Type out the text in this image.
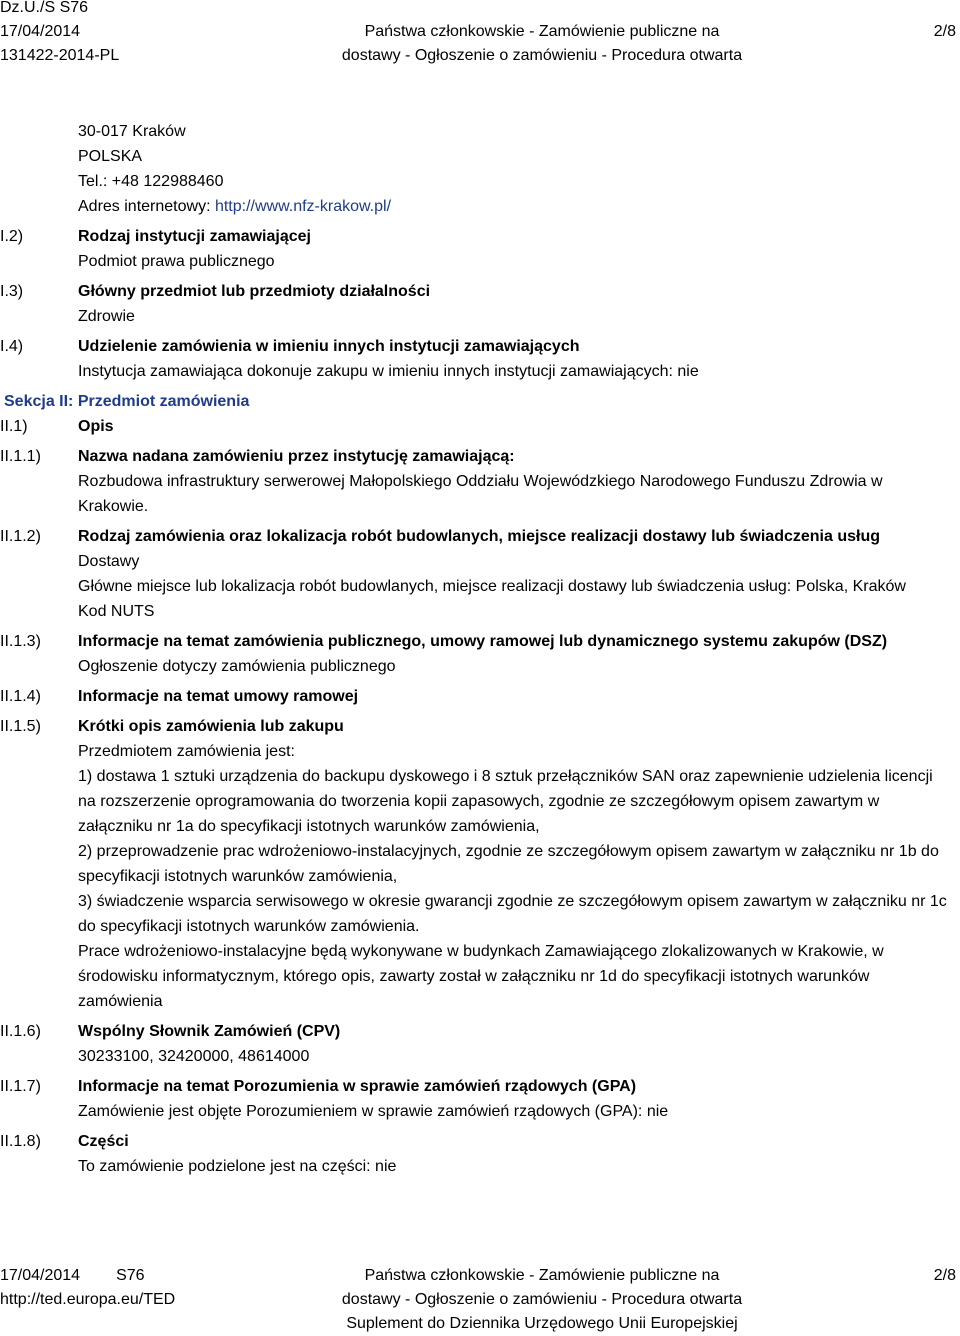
Dz.U./S S76
17/04/2014
131422-2014-PL
Państwa członkowskie - Zamówienie publiczne na
dostawy - Ogłoszenie o zamówieniu - Procedura otwarta
2/8
30-017 Kraków
POLSKA
Tel.: +48 122988460
Adres internetowy: http://www.nfz-krakow.pl/
I.2)	Rodzaj instytucji zamawiającej
Podmiot prawa publicznego
I.3)	Główny przedmiot lub przedmioty działalności
Zdrowie
I.4)	Udzielenie zamówienia w imieniu innych instytucji zamawiających
Instytucja zamawiająca dokonuje zakupu w imieniu innych instytucji zamawiających: nie
Sekcja II: Przedmiot zamówienia
II.1)	Opis
II.1.1)	Nazwa nadana zamówieniu przez instytucję zamawiającą:
Rozbudowa infrastruktury serwerowej Małopolskiego Oddziału Wojewódzkiego Narodowego Funduszu Zdrowia w Krakowie.
II.1.2)	Rodzaj zamówienia oraz lokalizacja robót budowlanych, miejsce realizacji dostawy lub świadczenia usług
Dostawy
Główne miejsce lub lokalizacja robót budowlanych, miejsce realizacji dostawy lub świadczenia usług: Polska, Kraków
Kod NUTS
II.1.3)	Informacje na temat zamówienia publicznego, umowy ramowej lub dynamicznego systemu zakupów (DSZ)
Ogłoszenie dotyczy zamówienia publicznego
II.1.4)	Informacje na temat umowy ramowej
II.1.5)	Krótki opis zamówienia lub zakupu
Przedmiotem zamówienia jest:
1) dostawa 1 sztuki urządzenia do backupu dyskowego i 8 sztuk przełączników SAN oraz zapewnienie udzielenia licencji na rozszerzenie oprogramowania do tworzenia kopii zapasowych, zgodnie ze szczegółowym opisem zawartym w załączniku nr 1a do specyfikacji istotnych warunków zamówienia,
2) przeprowadzenie prac wdrożeniowo-instalacyjnych, zgodnie ze szczegółowym opisem zawartym w załączniku nr 1b do specyfikacji istotnych warunków zamówienia,
3) świadczenie wsparcia serwisowego w okresie gwarancji zgodnie ze szczegółowym opisem zawartym w załączniku nr 1c do specyfikacji istotnych warunków zamówienia.
Prace wdrożeniowo-instalacyjne będą wykonywane w budynkach Zamawiającego zlokalizowanych w Krakowie, w środowisku informatycznym, którego opis, zawarty został w załączniku nr 1d do specyfikacji istotnych warunków zamówienia
II.1.6)	Wspólny Słownik Zamówień (CPV)
30233100, 32420000, 48614000
II.1.7)	Informacje na temat Porozumienia w sprawie zamówień rządowych (GPA)
Zamówienie jest objęte Porozumieniem w sprawie zamówień rządowych (GPA): nie
II.1.8)	Części
To zamówienie podzielone jest na części: nie
17/04/2014 S76
http://ted.europa.eu/TED
Państwa członkowskie - Zamówienie publiczne na
dostawy - Ogłoszenie o zamówieniu - Procedura otwarta
Suplement do Dziennika Urzędowego Unii Europejskiej
2/8
